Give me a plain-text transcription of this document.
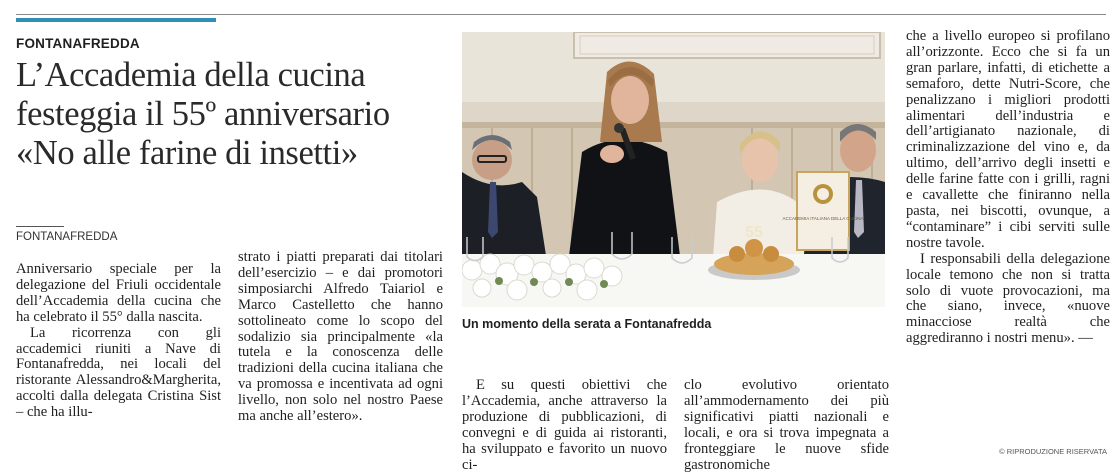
FONTANAFREDDA
L’Accademia della cucina
festeggia il 55º anniversario
«No alle farine di insetti»
FONTANAFREDDA

Anniversario speciale per la delegazione del Friuli occidentale dell’Accademia della cucina che ha celebrato il 55° dalla nascita.

La ricorrenza con gli accademici riuniti a Nave di Fontanafredda, nei locali del ristorante Alessandro&Margherita, accolti dalla delegata Cristina Sist – che ha illu-

strato i piatti preparati dai titolari dell’esercizio – e dai promotori simposiarchi Alfredo Taiariol e Marco Castelletto che hanno sottolineato come lo scopo del sodalizio sia principalmente «la tutela e la conoscenza delle tradizioni della cucina italiana che va promossa e incentivata ad ogni livello, non solo nel nostro Paese ma anche all’estero».

ACCADEMIA ITALIANA DELLA CUCINA
55
Un momento della serata a Fontanafredda

E su questi obiettivi che l’Accademia, anche attraverso la produzione di pubblicazioni, di convegni e di guida ai ristoranti, ha sviluppato e favorito un nuovo ci-

clo evolutivo orientato all’ammodernamento dei più significativi piatti nazionali e locali, e ora si trova impegnata a fronteggiare le nuove sfide gastronomiche

che a livello europeo si profilano all’orizzonte. Ecco che si fa un gran parlare, infatti, di etichette a semaforo, dette Nutri-Score, che penalizzano i migliori prodotti alimentari dell’industria e dell’artigianato nazionale, di criminalizzazione del vino e, da ultimo, dell’arrivo degli insetti e delle farine fatte con i grilli, ragni e cavallette che finiranno nella pasta, nei biscotti, ovunque, a “contaminare” i cibi serviti sulle nostre tavole.

I responsabili della delegazione locale temono che non si tratta solo di vuote provocazioni, ma che siano, invece, «nuove minacciose realtà che aggrediranno i nostri menu». —

© RIPRODUZIONE RISERVATA
